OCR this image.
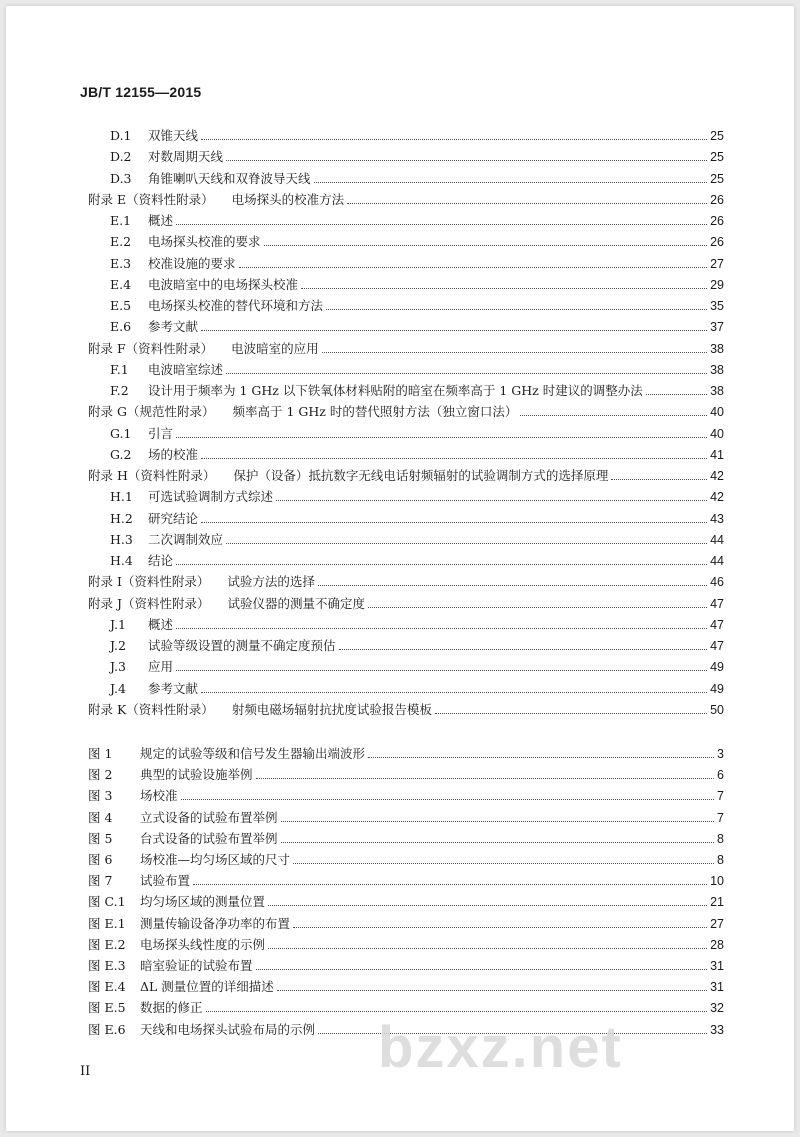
JB/T 12155—2015
D.1	双锥天线	25
D.2	对数周期天线	25
D.3	角锥喇叭天线和双脊波导天线	25
附录 E（资料性附录） 电场探头的校准方法	26
E.1	概述	26
E.2	电场探头校准的要求	26
E.3	校准设施的要求	27
E.4	电波暗室中的电场探头校准	29
E.5	电场探头校准的替代环境和方法	35
E.6	参考文献	37
附录 F（资料性附录） 电波暗室的应用	38
F.1	电波暗室综述	38
F.2	设计用于频率为 1 GHz 以下铁氧体材料贴附的暗室在频率高于 1 GHz 时建议的调整办法	38
附录 G（规范性附录） 频率高于 1 GHz 时的替代照射方法（独立窗口法）	40
G.1	引言	40
G.2	场的校准	41
附录 H（资料性附录） 保护（设备）抵抗数字无线电话射频辐射的试验调制方式的选择原理	42
H.1	可选试验调制方式综述	42
H.2	研究结论	43
H.3	二次调制效应	44
H.4	结论	44
附录 I（资料性附录） 试验方法的选择	46
附录 J（资料性附录） 试验仪器的测量不确定度	47
J.1	概述	47
J.2	试验等级设置的测量不确定度预估	47
J.3	应用	49
J.4	参考文献	49
附录 K（资料性附录） 射频电磁场辐射抗扰度试验报告模板	50
图 1	规定的试验等级和信号发生器输出端波形	3
图 2	典型的试验设施举例	6
图 3	场校准	7
图 4	立式设备的试验布置举例	7
图 5	台式设备的试验布置举例	8
图 6	场校准—均匀场区域的尺寸	8
图 7	试验布置	10
图 C.1	均匀场区域的测量位置	21
图 E.1	测量传输设备净功率的布置	27
图 E.2	电场探头线性度的示例	28
图 E.3	暗室验证的试验布置	31
图 E.4	ΔL 测量位置的详细描述	31
图 E.5	数据的修正	32
图 E.6	天线和电场探头试验布局的示例	33
bzxz.net
II
